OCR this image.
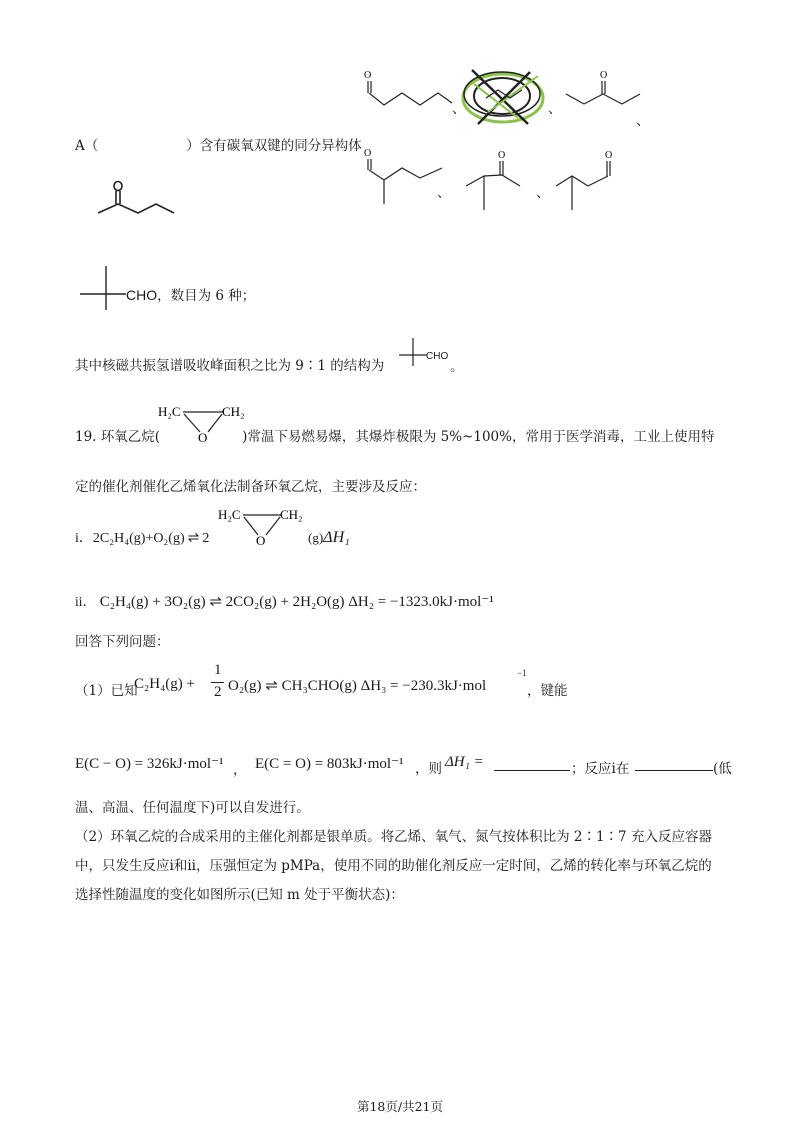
O
、	、
O
、
A（	）含有碳氧双键的同分异构体 O
、
O
、
O
CHO，数目为 6 种；
其中核磁共振氢谱吸收峰面积之比为 9∶1 的结构为
CHO
。
H₂C	CH₂
O
19. 环氧乙烷(	)常温下易燃易爆，其爆炸极限为 5%~100%，常用于医学消毒，工业上使用特
定的催化剂催化乙烯氧化法制备环氧乙烷，主要涉及反应：
i．2C₂H₄(g)+O₂(g) ⇌ 2
H₂C	CH₂
O	(g)ΔH₁
ii． C₂H₄(g) + 3O₂(g) ⇌ 2CO₂(g) + 2H₂O(g) ΔH₂ = −1323.0kJ·mol⁻¹
回答下列问题：
（1）已知
C₂H₄(g) +
1
2 O₂(g) ⇌ CH₃CHO(g) ΔH₃ = −230.3kJ·mol
−1
，键能
E(C − O) = 326kJ·mol⁻¹ ， E(C = O) = 803kJ·mol⁻¹ ，则 ΔH₁ =	；反应i在	(低
温、高温、任何温度下)可以自发进行。
（2）环氧乙烷的合成采用的主催化剂都是银单质。将乙烯、氧气、氮气按体积比为 2∶1∶7 充入反应容器
中，只发生反应i和ii，压强恒定为 pMPa，使用不同的助催化剂反应一定时间，乙烯的转化率与环氧乙烷的
选择性随温度的变化如图所示(已知 m 处于平衡状态)：
第18页/共21页
